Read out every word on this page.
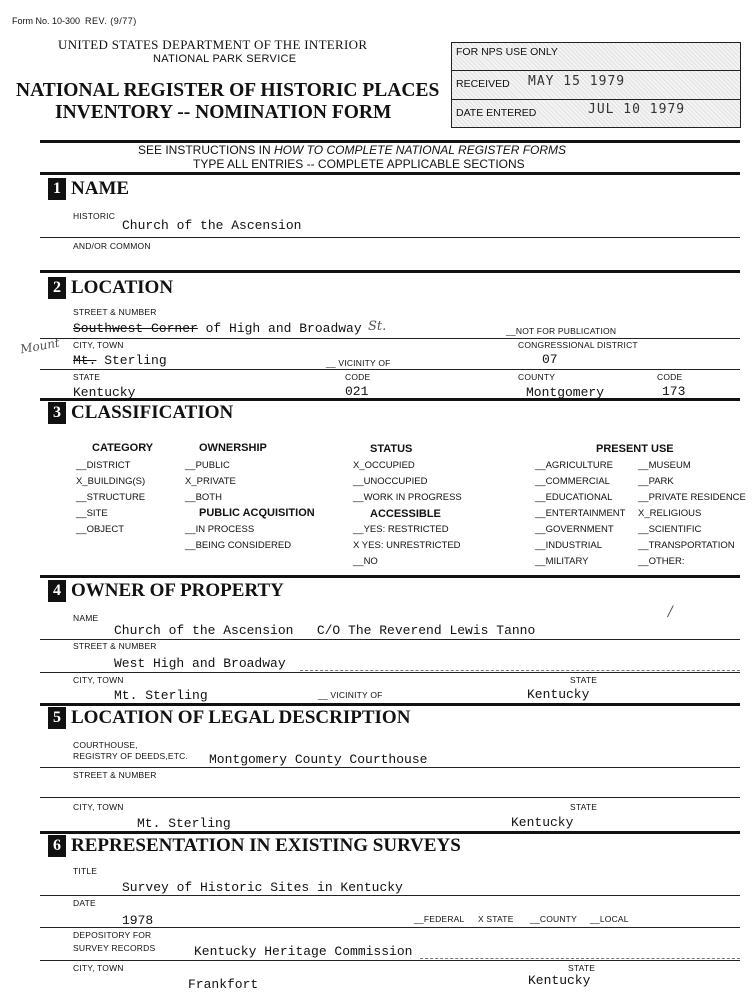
Form No. 10-300 REV. (9/77)
UNITED STATES DEPARTMENT OF THE INTERIOR
NATIONAL PARK SERVICE
NATIONAL REGISTER OF HISTORIC PLACES
INVENTORY -- NOMINATION FORM
FOR NPS USE ONLY
RECEIVED MAY 15 1979
DATE ENTERED	JUL 10 1979
SEE INSTRUCTIONS IN HOW TO COMPLETE NATIONAL REGISTER FORMS
TYPE ALL ENTRIES -- COMPLETE APPLICABLE SECTIONS
1 NAME
HISTORIC
Church of the Ascension
AND/OR COMMON
2 LOCATION
STREET & NUMBER
Southwest Corner of High and Broadway St.	__NOT FOR PUBLICATION
Mount CITY, TOWN	CONGRESSIONAL DISTRICT
Mt. Sterling	__ VICINITY OF	07
STATE	CODE	COUNTY	CODE
Kentucky	021	Montgomery	173
3 CLASSIFICATION
CATEGORY
__DISTRICT
X_BUILDING(S)
__STRUCTURE
__SITE
__OBJECT
OWNERSHIP
__PUBLIC
X_PRIVATE
__BOTH
PUBLIC ACQUISITION
__IN PROCESS
__BEING CONSIDERED
STATUS
X_OCCUPIED
__UNOCCUPIED
__WORK IN PROGRESS
ACCESSIBLE
__YES: RESTRICTED
X YES: UNRESTRICTED
__NO
PRESENT USE
__AGRICULTURE
__COMMERCIAL
__EDUCATIONAL
__ENTERTAINMENT
__GOVERNMENT
__INDUSTRIAL
__MILITARY
__MUSEUM
__PARK
__PRIVATE RESIDENCE
X_RELIGIOUS
__SCIENTIFIC
__TRANSPORTATION
__OTHER:
4 OWNER OF PROPERTY
NAME	/
Church of the Ascension   C/O The Reverend Lewis Tanno
STREET & NUMBER
West High and Broadway
CITY, TOWN	STATE
Mt. Sterling	__ VICINITY OF	Kentucky
5 LOCATION OF LEGAL DESCRIPTION
COURTHOUSE,
REGISTRY OF DEEDS,ETC. Montgomery County Courthouse
STREET & NUMBER
CITY, TOWN	STATE
Mt. Sterling	Kentucky
6 REPRESENTATION IN EXISTING SURVEYS
TITLE
Survey of Historic Sites in Kentucky
DATE
1978	__FEDERAL X STATE __COUNTY __LOCAL
DEPOSITORY FOR
SURVEY RECORDS	Kentucky Heritage Commission
CITY, TOWN	STATE
Frankfort	Kentucky
